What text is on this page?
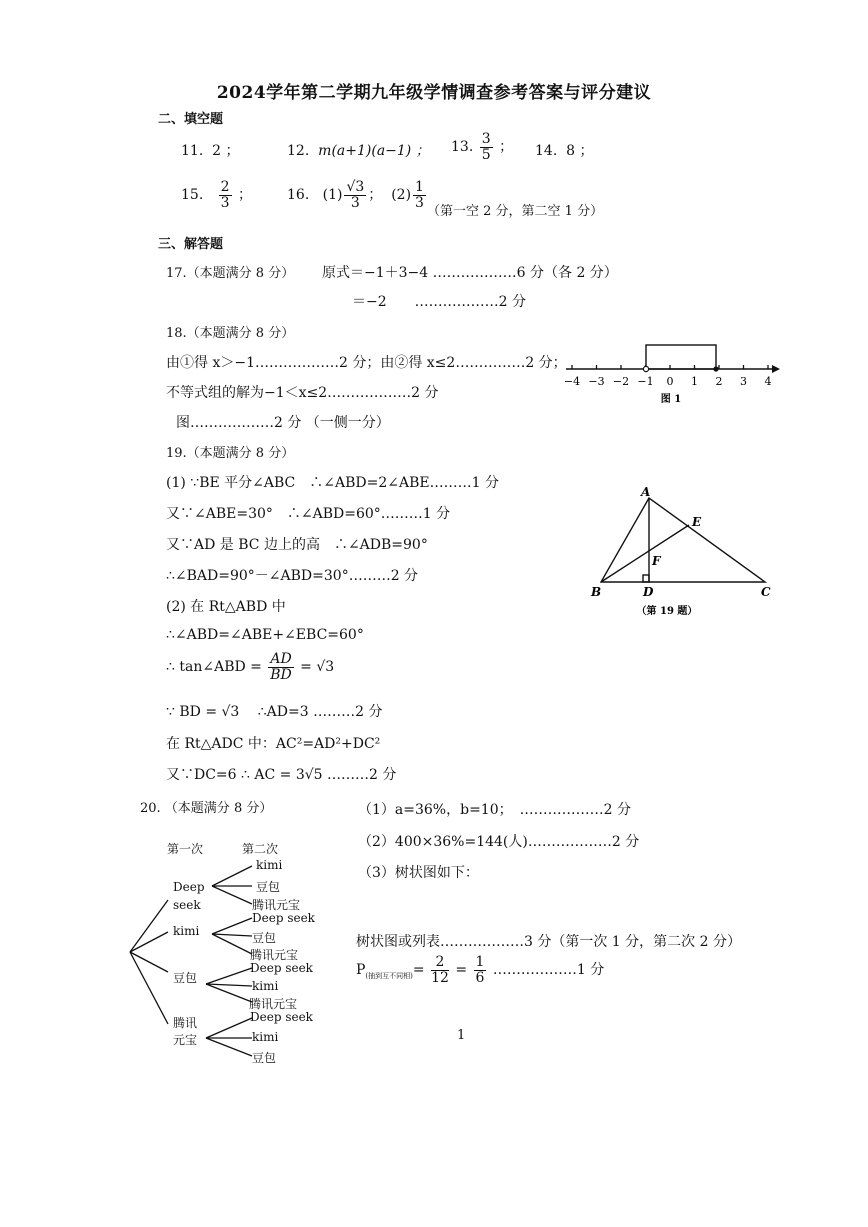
2024学年第二学期九年级学情调查参考答案与评分建议
二、填空题
11. 2 ；	12. m(a+1)(a−1) ； 13. $\frac{3}{5}$ ； 14. 8 ；
15. $\frac{2}{3}$ ；	16. $(1) \frac{√3}{3}$ ； $(2) \frac{1}{3}$
（第一空 2 分，第二空 1 分）
三、解答题
17.（本题满分 8 分） 原式＝−1＋3−4 ………………6 分（各 2 分）
＝−2　　………………2 分
18.（本题满分 8 分）
由①得 x＞−1………………2 分；由②得 x≤2……………2 分；
不等式组的解为−1＜x≤2………………2 分
图………………2 分 （一侧一分）
−4 −3 −2 −1 0 1 2 3 4
图 1
19.（本题满分 8 分）
(1) ∵BE 平分∠ABC　∴∠ABD=2∠ABE………1 分
又∵∠ABE=30°　∴∠ABD=60°………1 分
又∵AD 是 BC 边上的高　∴∠ADB=90°
∴∠BAD=90°－∠ABD=30°………2 分
(2) 在 Rt△ABD 中
∴∠ABD=∠ABE+∠EBC=60°
∴ tan∠ABD = $\frac{AD}{BD} = √3$
∵ BD = √3　 ∴AD=3 ………2 分
在 Rt△ADC 中：AC²=AD²+DC²
又∵DC=6 ∴ AC = 3√5 ………2 分
A
B	C
D
E
F
（第 19 题）
20. （本题满分 8 分）	（1）a=36%，b=10；　………………2 分
（2）400×36%=144(人)………………2 分
（3）树状图如下：
树状图或列表………………3 分（第一次 1 分，第二次 2 分）
$P_{(抽到互不同相)}= \frac{2}{12} = \frac{1}{6}$ ………………1 分
第一次	第二次
Deep seek
kimi
豆包
腾讯元宝
kimi
豆包
腾讯元宝
Deep seek
豆包
腾讯元宝
Deep seek
kimi
腾讯元宝
Deep seek
kimi
豆包
1
